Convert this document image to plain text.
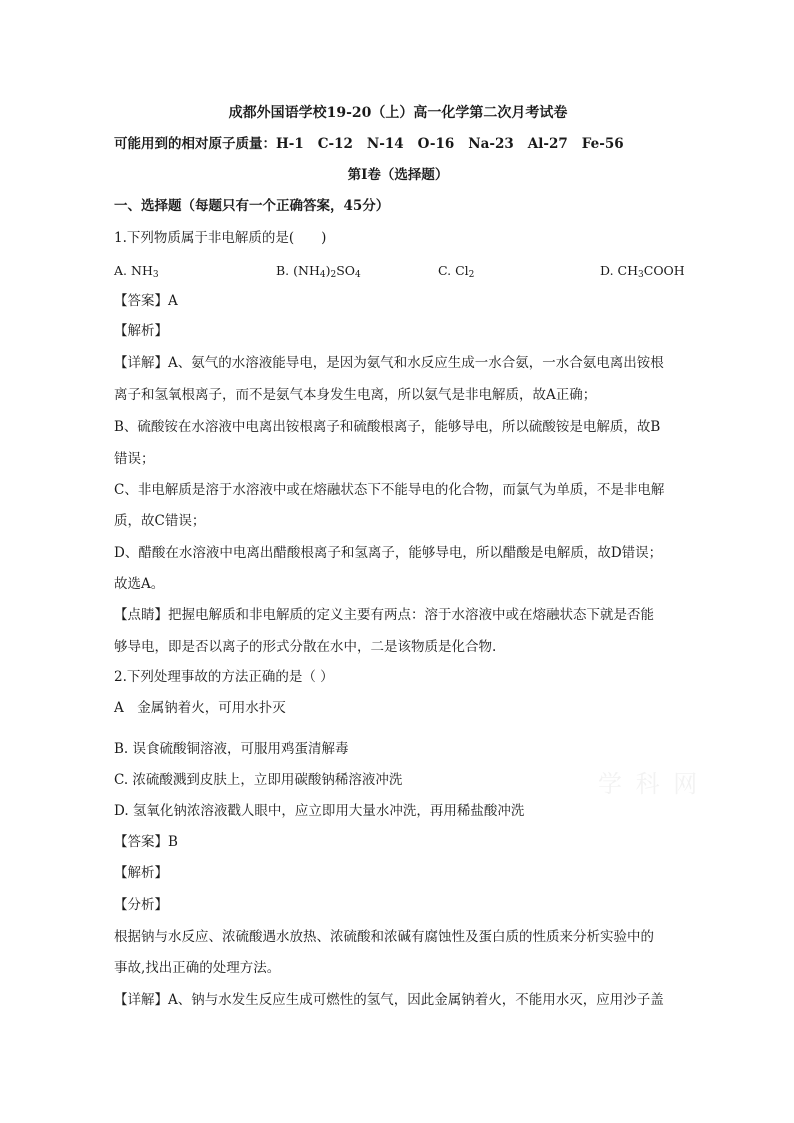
成都外国语学校19-20（上）高一化学第二次月考试卷
可能用到的相对原子质量：H-1 C-12 N-14 O-16 Na-23 Al-27 Fe-56
第Ⅰ卷（选择题）
一、选择题（每题只有一个正确答案，45分）
1.下列物质属于非电解质的是(　　)
A. $NH_3$	B. $(NH_4)_2SO_4$	C. $Cl_2$	D. $CH_3COOH$
【答案】A
【解析】
【详解】A、氨气的水溶液能导电，是因为氨气和水反应生成一水合氨，一水合氨电离出铵根
离子和氢氧根离子，而不是氨气本身发生电离，所以氨气是非电解质，故A正确；
B、硫酸铵在水溶液中电离出铵根离子和硫酸根离子，能够导电，所以硫酸铵是电解质，故B
错误；
C、非电解质是溶于水溶液中或在熔融状态下不能导电的化合物，而氯气为单质，不是非电解
质，故C错误；
D、醋酸在水溶液中电离出醋酸根离子和氢离子，能够导电，所以醋酸是电解质，故D错误；
故选A。
【点睛】把握电解质和非电解质的定义主要有两点：溶于水溶液中或在熔融状态下就是否能
够导电，即是否以离子的形式分散在水中，二是该物质是化合物.
2.下列处理事故的方法正确的是（ ）
A　金属钠着火，可用水扑灭
B. 误食硫酸铜溶液，可服用鸡蛋清解毒
C. 浓硫酸溅到皮肤上，立即用碳酸钠稀溶液冲洗
D. 氢氧化钠浓溶液戳人眼中，应立即用大量水冲洗，再用稀盐酸冲洗
【答案】B
【解析】
【分析】
根据钠与水反应、浓硫酸遇水放热、浓硫酸和浓碱有腐蚀性及蛋白质的性质来分析实验中的
事故,找出正确的处理方法。
【详解】A、钠与水发生反应生成可燃性的氢气，因此金属钠着火，不能用水灭，应用沙子盖
学 科 网
